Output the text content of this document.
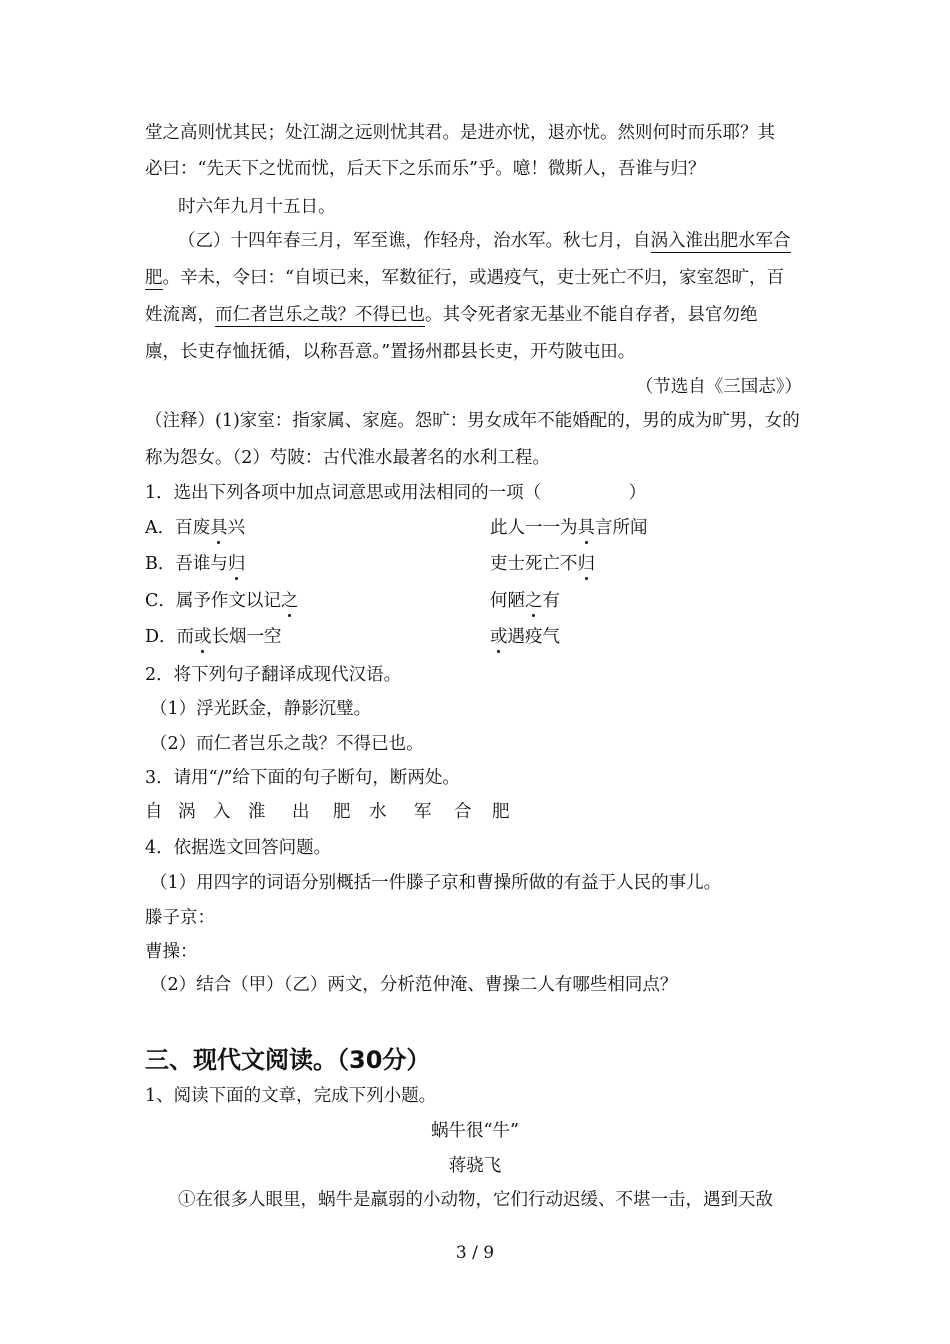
堂之高则忧其民；处江湖之远则忧其君。是进亦忧，退亦忧。然则何时而乐耶？其
必曰：“先天下之忧而忧，后天下之乐而乐”乎。噫！微斯人，吾谁与归？
时六年九月十五日。
（乙）十四年春三月，军至谯，作轻舟，治水军。秋七月，自涡入淮出肥水军合
肥。辛未，令曰：“自顷已来，军数征行，或遇疫气，吏士死亡不归，家室怨旷，百
姓流离，而仁者岂乐之哉？不得已也。其令死者家无基业不能自存者，县官勿绝
廪，长吏存恤抚循，以称吾意。”置扬州郡县长吏，开芍陂屯田。
（节选自《三国志》）
（注释）(1)家室：指家属、家庭。怨旷：男女成年不能婚配的，男的成为旷男，女的
称为怨女。（2）芍陂：古代淮水最著名的水利工程。
1．选出下列各项中加点词意思或用法相同的一项（　　　　　）
A．百废具兴	此人一一为具言所闻
B．吾谁与归	吏士死亡不归
C．属予作文以记之	何陋之有
D．而或长烟一空	或遇疫气
2．将下列句子翻译成现代汉语。
（1）浮光跃金，静影沉璧。
（2）而仁者岂乐之哉？不得已也。
3．请用“/”给下面的句子断句，断两处。
自 涡 入 淮 出 肥 水 军 合 肥
4．依据选文回答问题。
（1）用四字的词语分别概括一件滕子京和曹操所做的有益于人民的事儿。
滕子京：
曹操：
（2）结合（甲）（乙）两文，分析范仲淹、曹操二人有哪些相同点？
三、现代文阅读。（30分）
1、阅读下面的文章，完成下列小题。
蜗牛很“牛”
蒋骁飞
①在很多人眼里，蜗牛是羸弱的小动物，它们行动迟缓、不堪一击，遇到天敌
3 / 9
